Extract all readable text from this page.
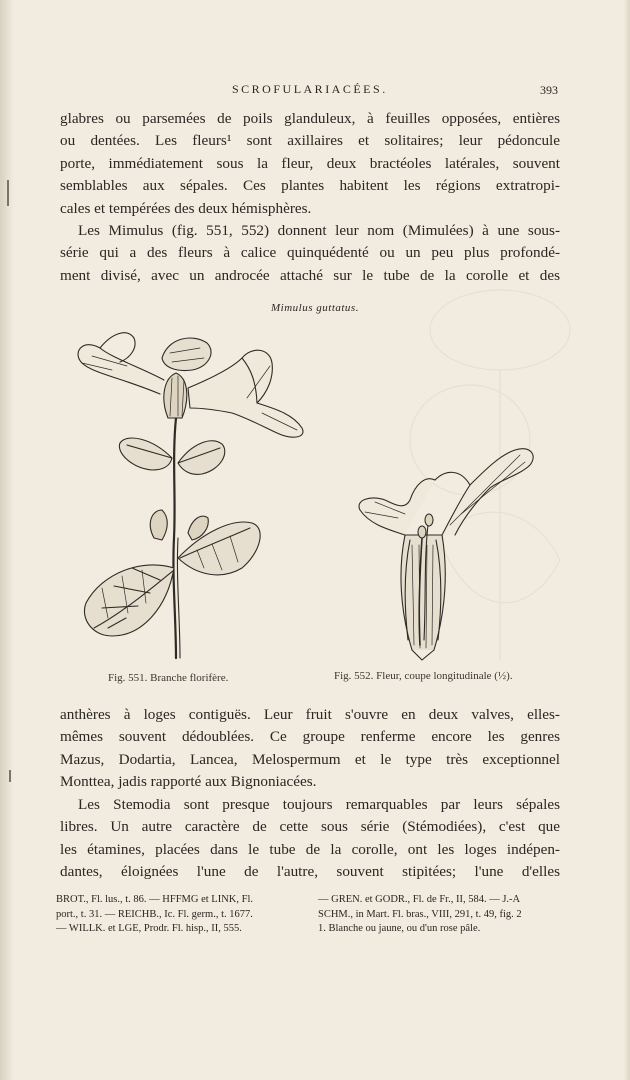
SCROFULARIACÉES.	393
glabres ou parsemées de poils glanduleux, à feuilles opposées, entières
ou dentées. Les fleurs¹ sont axillaires et solitaires; leur pédoncule
porte, immédiatement sous la fleur, deux bractéoles latérales, souvent
semblables aux sépales. Ces plantes habitent les régions extratropi-
cales et tempérées des deux hémisphères.
Les Mimulus (fig. 551, 552) donnent leur nom (Mimulées) à une sous-
série qui a des fleurs à calice quinquédenté ou un peu plus profondé-
ment divisé, avec un androcée attaché sur le tube de la corolle et des
Mimulus guttatus.
Fig. 551. Branche florifère.	Fig. 552. Fleur, coupe longitudinale (½).
anthères à loges contiguës. Leur fruit s'ouvre en deux valves, elles-
mêmes souvent dédoublées. Ce groupe renferme encore les genres
Mazus, Dodartia, Lancea, Melospermum et le type très exceptionnel
Monttea, jadis rapporté aux Bignoniacées.
Les Stemodia sont presque toujours remarquables par leurs sépales
libres. Un autre caractère de cette sous série (Stémodiées), c'est que
les étamines, placées dans le tube de la corolle, ont les loges indépen-
dantes, éloignées l'une de l'autre, souvent stipitées; l'une d'elles
BROT., Fl. lus., t. 86. — HFFMG et LINK, Fl.
port., t. 31. — REICHB., Ic. Fl. germ., t. 1677.
— WILLK. et LGE, Prodr. Fl. hisp., II, 555.
— GREN. et GODR., Fl. de Fr., II, 584. — J.-A
SCHM., in Mart. Fl. bras., VIII, 291, t. 49, fig. 2
1. Blanche ou jaune, ou d'un rose pâle.
